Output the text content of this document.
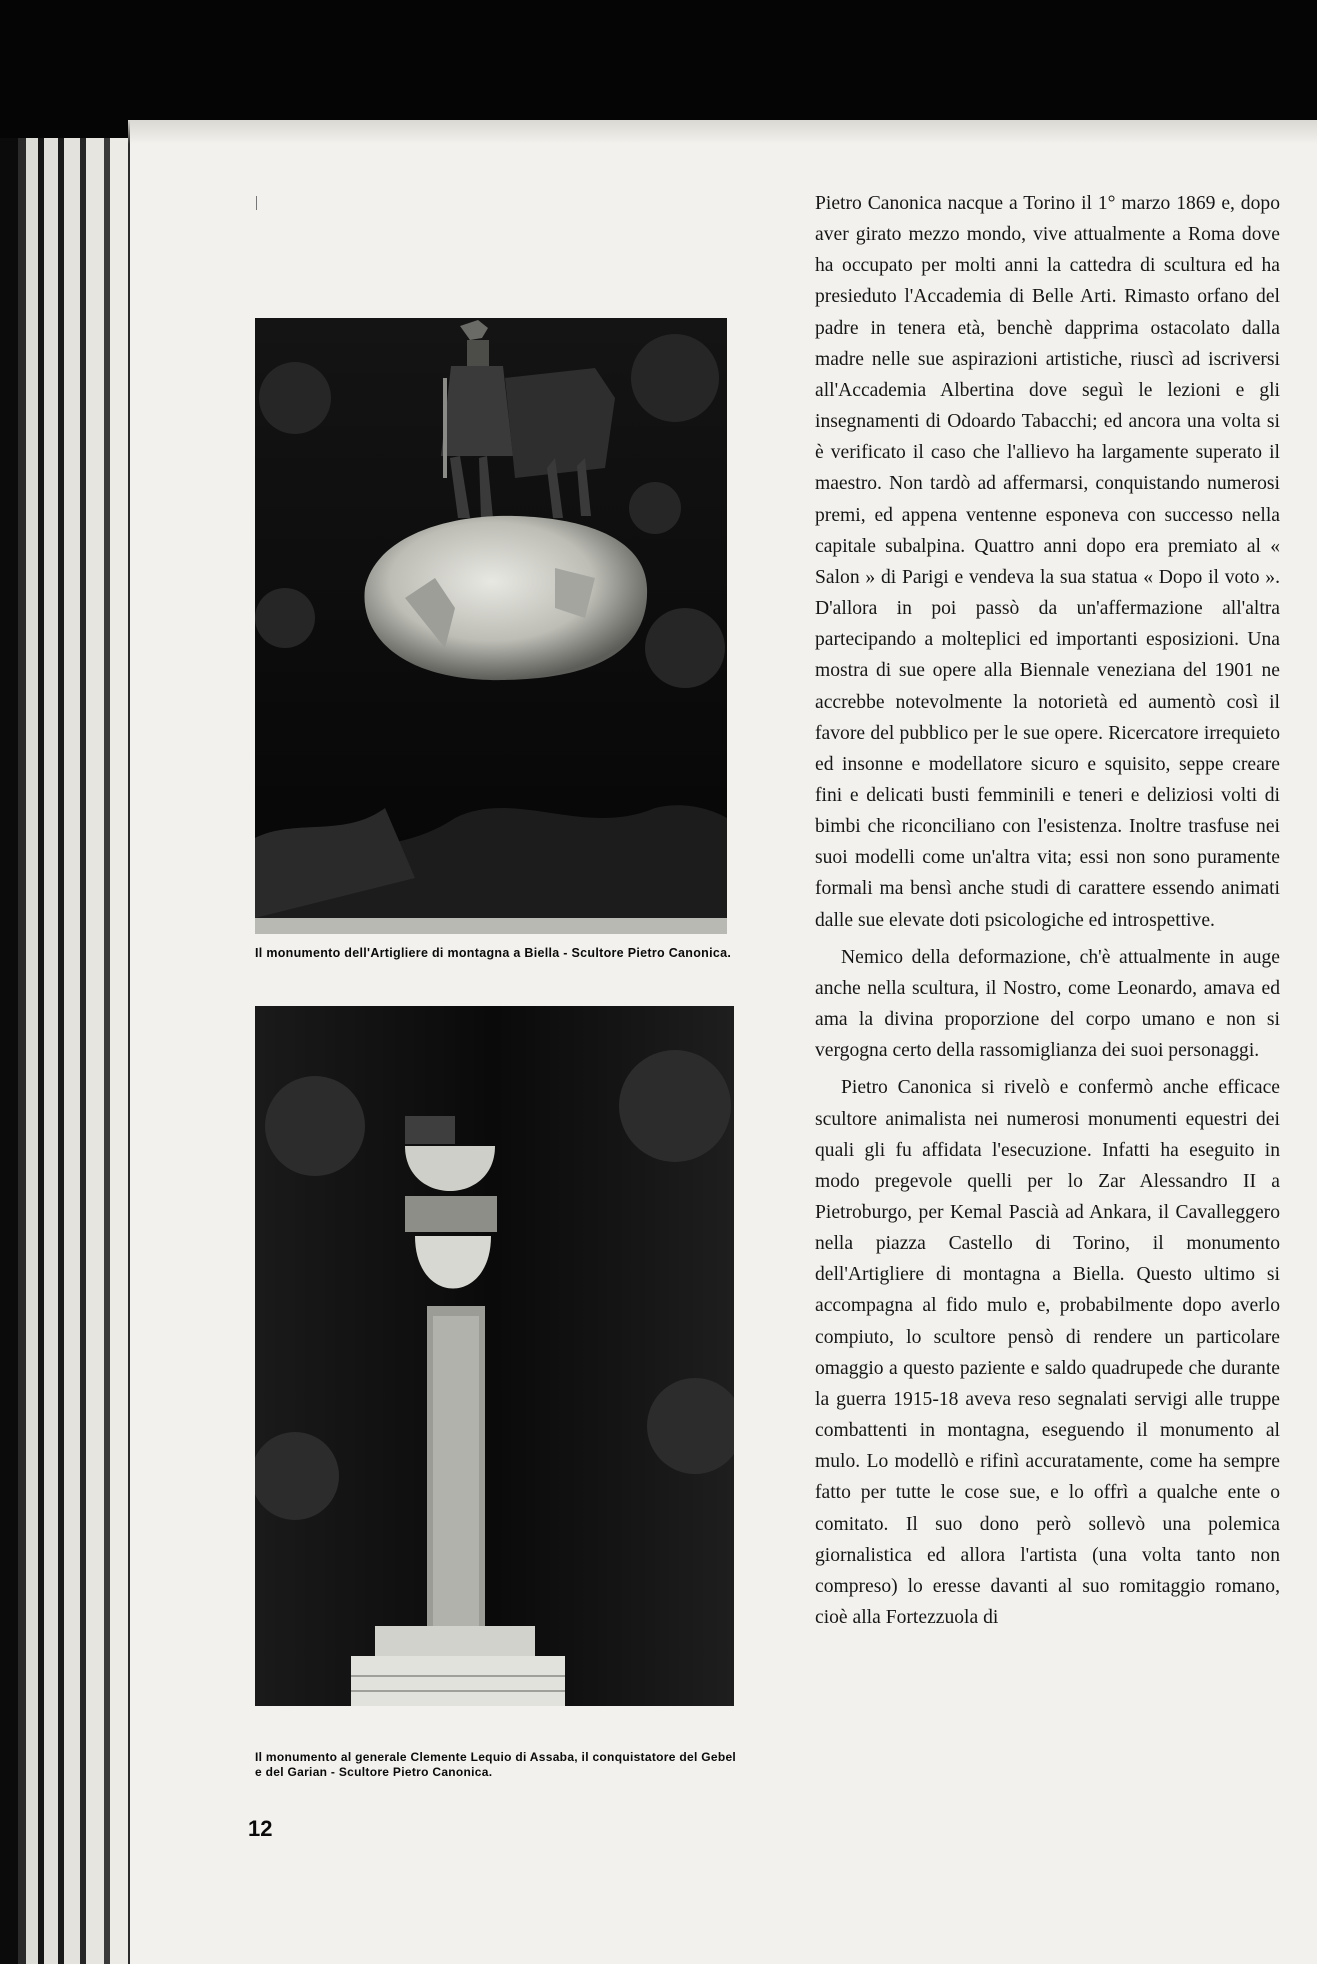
Il monumento dell'Artigliere di montagna a Biella - Scultore Pietro Canonica.
Il monumento al generale Clemente Lequio di Assaba, il conquistatore del Gebel e del Garian - Scultore Pietro Canonica.
12

Pietro Canonica nacque a Torino il 1° marzo 1869 e, dopo aver girato mezzo mondo, vive attualmente a Roma dove ha occupato per molti anni la cattedra di scultura ed ha presieduto l'Accademia di Belle Arti. Rimasto orfano del padre in tenera età, benchè dapprima ostacolato dalla madre nelle sue aspirazioni artistiche, riuscì ad iscriversi all'Accademia Albertina dove seguì le lezioni e gli insegnamenti di Odoardo Tabacchi; ed ancora una volta si è verificato il caso che l'allievo ha largamente superato il maestro. Non tardò ad affermarsi, conquistando numerosi premi, ed appena ventenne esponeva con successo nella capitale subalpina. Quattro anni dopo era premiato al « Salon » di Parigi e vendeva la sua statua « Dopo il voto ». D'allora in poi passò da un'affermazione all'altra partecipando a molteplici ed importanti esposizioni. Una mostra di sue opere alla Biennale veneziana del 1901 ne accrebbe notevolmente la notorietà ed aumentò così il favore del pubblico per le sue opere. Ricercatore irrequieto ed insonne e modellatore sicuro e squisito, seppe creare fini e delicati busti femminili e teneri e deliziosi volti di bimbi che riconciliano con l'esistenza. Inoltre trasfuse nei suoi modelli come un'altra vita; essi non sono puramente formali ma bensì anche studi di carattere essendo animati dalle sue elevate doti psicologiche ed introspettive.

Nemico della deformazione, ch'è attualmente in auge anche nella scultura, il Nostro, come Leonardo, amava ed ama la divina proporzione del corpo umano e non si vergogna certo della rassomiglianza dei suoi personaggi.

Pietro Canonica si rivelò e confermò anche efficace scultore animalista nei numerosi monumenti equestri dei quali gli fu affidata l'esecuzione. Infatti ha eseguito in modo pregevole quelli per lo Zar Alessandro II a Pietroburgo, per Kemal Pascià ad Ankara, il Cavalleggero nella piazza Castello di Torino, il monumento dell'Artigliere di montagna a Biella. Questo ultimo si accompagna al fido mulo e, probabilmente dopo averlo compiuto, lo scultore pensò di rendere un particolare omaggio a questo paziente e saldo quadrupede che durante la guerra 1915-18 aveva reso segnalati servigi alle truppe combattenti in montagna, eseguendo il monumento al mulo. Lo modellò e rifinì accuratamente, come ha sempre fatto per tutte le cose sue, e lo offrì a qualche ente o comitato. Il suo dono però sollevò una polemica giornalistica ed allora l'artista (una volta tanto non compreso) lo eresse davanti al suo romitaggio romano, cioè alla Fortezzuola di
